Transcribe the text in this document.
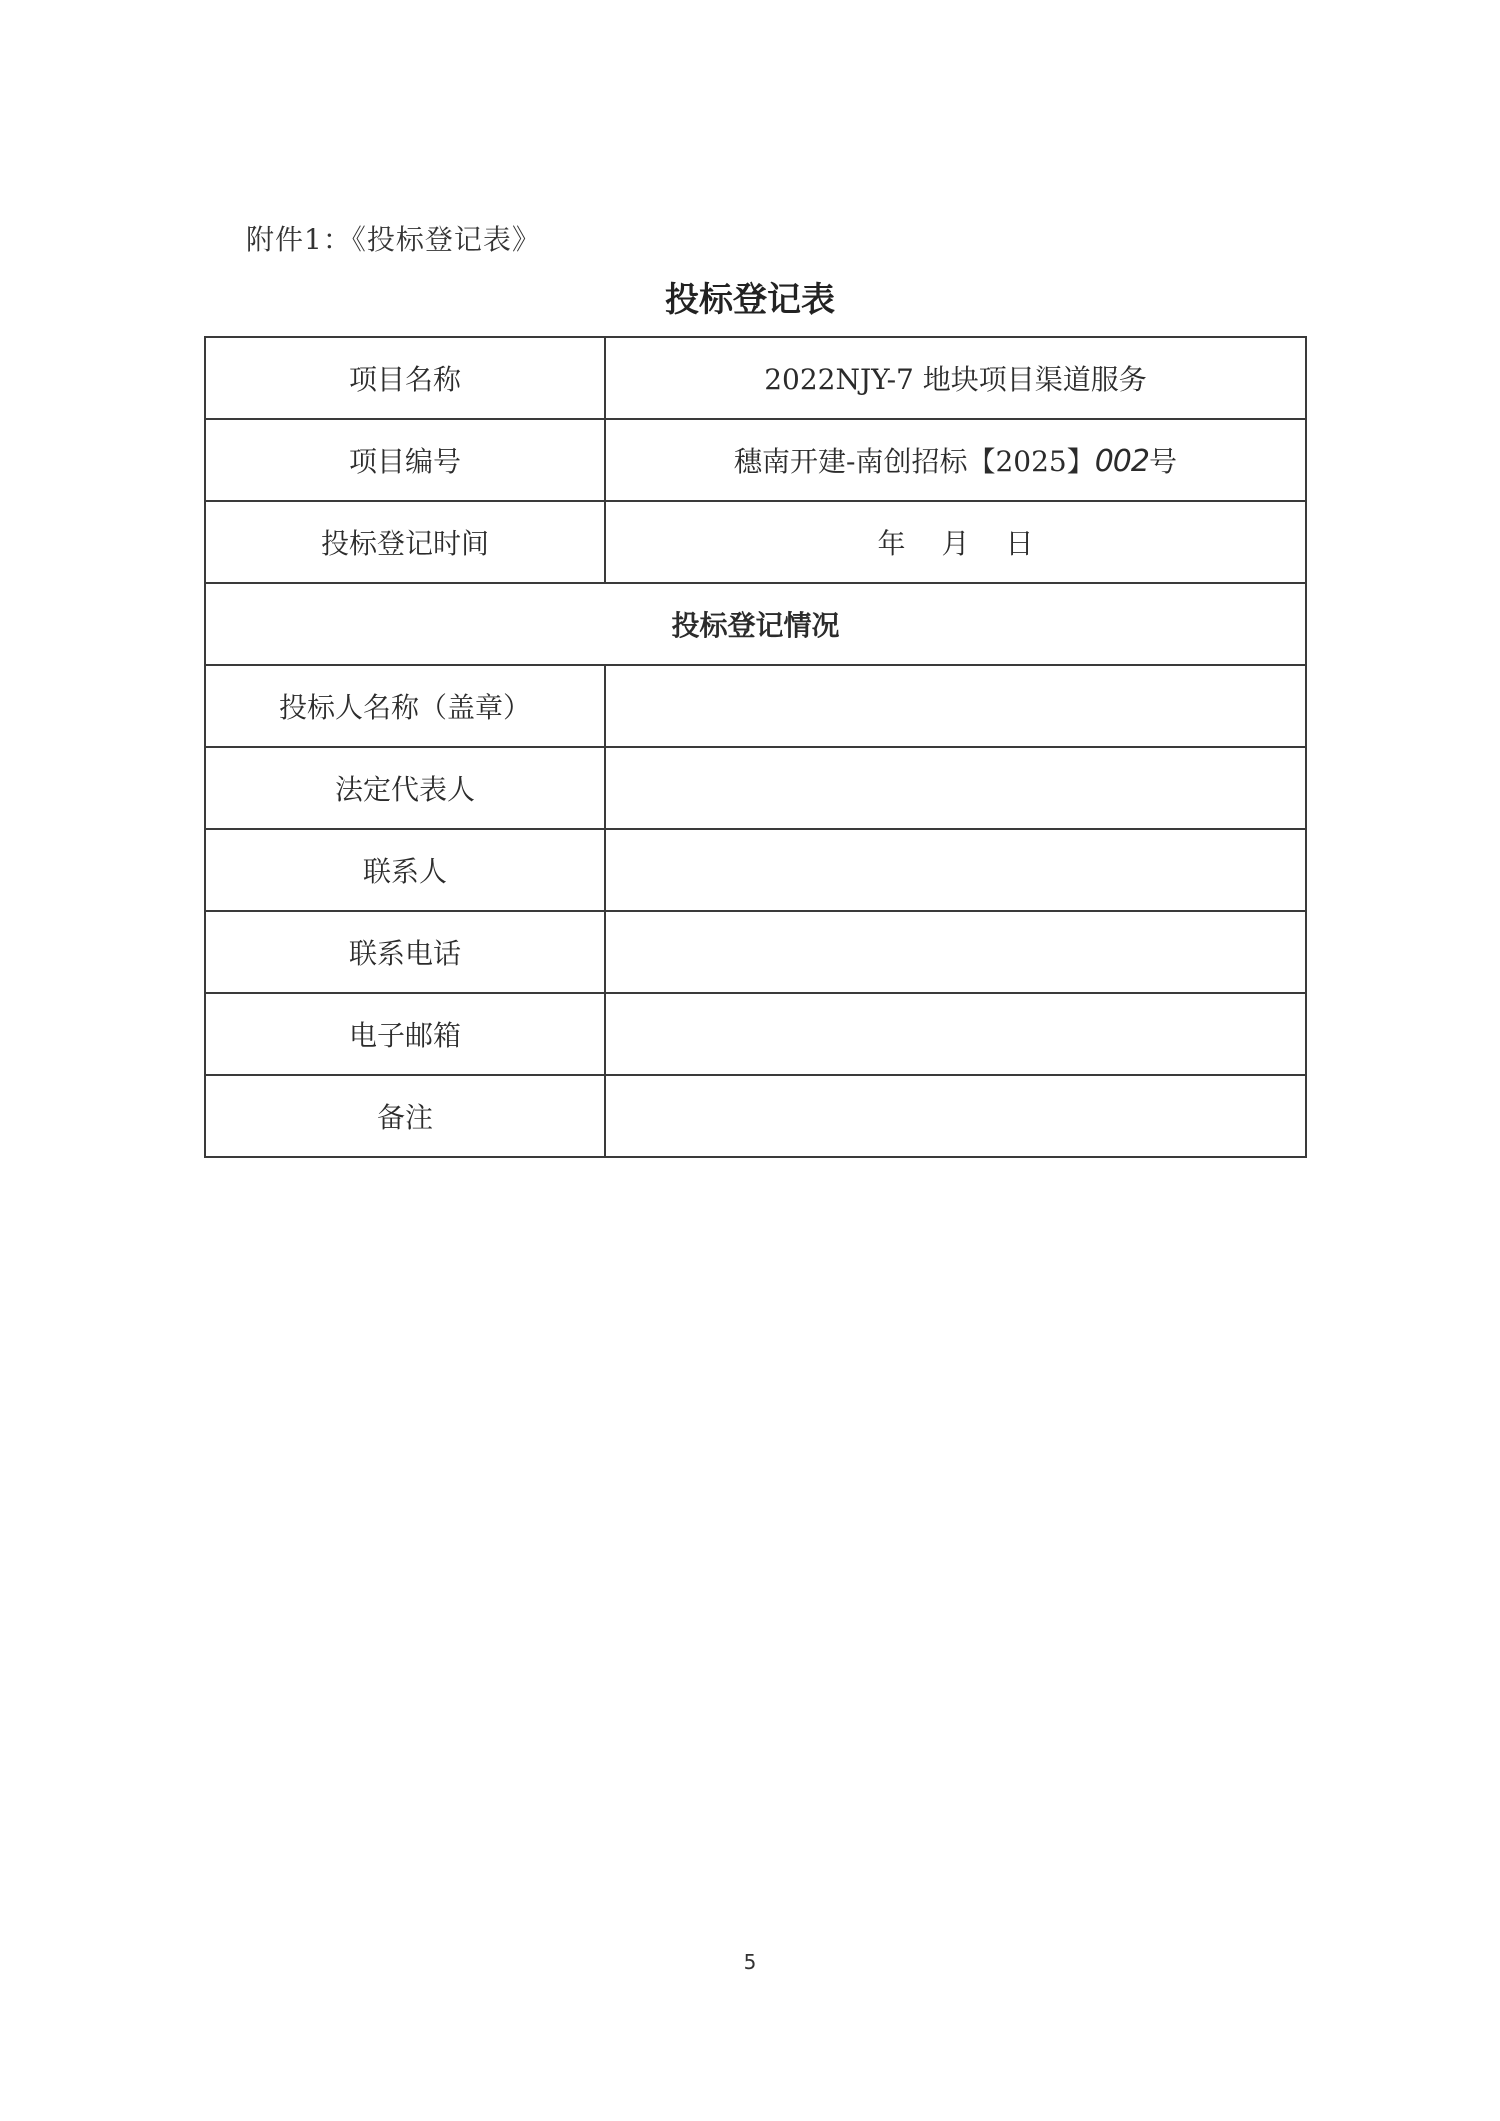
附件1：《投标登记表》
投标登记表
项目名称	2022NJY-7 地块项目渠道服务
项目编号	穗南开建-南创招标【2025】002号
投标登记时间	年 月 日
投标登记情况	
投标人名称（盖章）	
法定代表人	
联系人	
联系电话	
电子邮箱	
备注	
5
